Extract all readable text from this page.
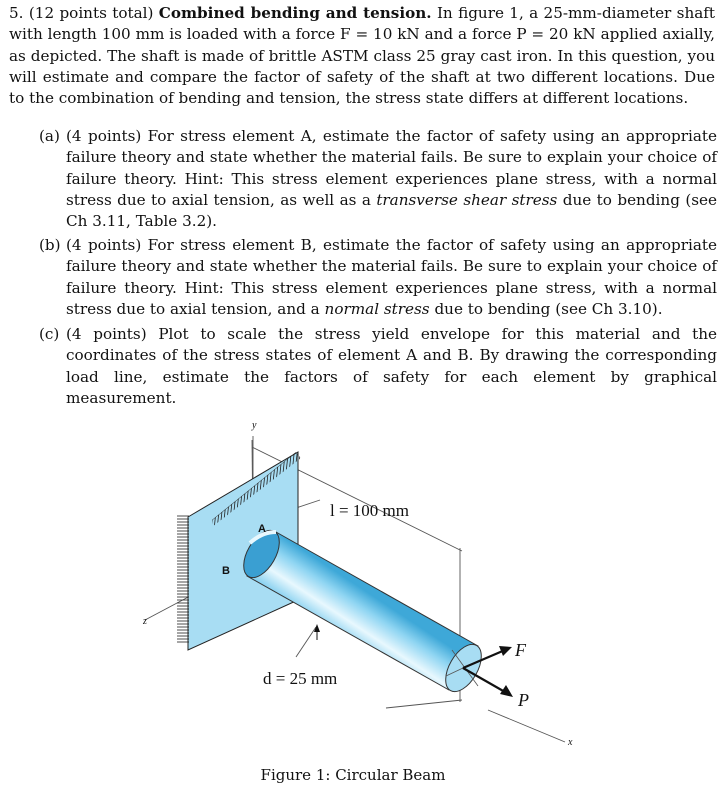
5. (12 points total) Combined bending and tension. In figure 1, a 25-mm-diameter shaft with length 100 mm is loaded with a force F = 10 kN and a force P = 20 kN applied axially, as depicted. The shaft is made of brittle ASTM class 25 gray cast iron. In this question, you will estimate and compare the factor of safety of the shaft at two different locations. Due to the combination of bending and tension, the stress state differs at different locations.
(a) (4 points) For stress element A, estimate the factor of safety using an appropriate failure theory and state whether the material fails. Be sure to explain your choice of failure theory. Hint: This stress element experiences plane stress, with a normal stress due to axial tension, as well as a transverse shear stress due to bending (see Ch 3.11, Table 3.2).
(b) (4 points) For stress element B, estimate the factor of safety using an appropriate failure theory and state whether the material fails. Be sure to explain your choice of failure theory. Hint: This stress element experiences plane stress, with a normal stress due to axial tension, and a normal stress due to bending (see Ch 3.10).
(c) (4 points) Plot to scale the stress yield envelope for this material and the coordinates of the stress states of element A and B. By drawing the corresponding load line, estimate the factors of safety for each element by graphical measurement.
y
z
x
A
B
l = 100 mm
d = 25 mm
F
P
Figure 1: Circular Beam
